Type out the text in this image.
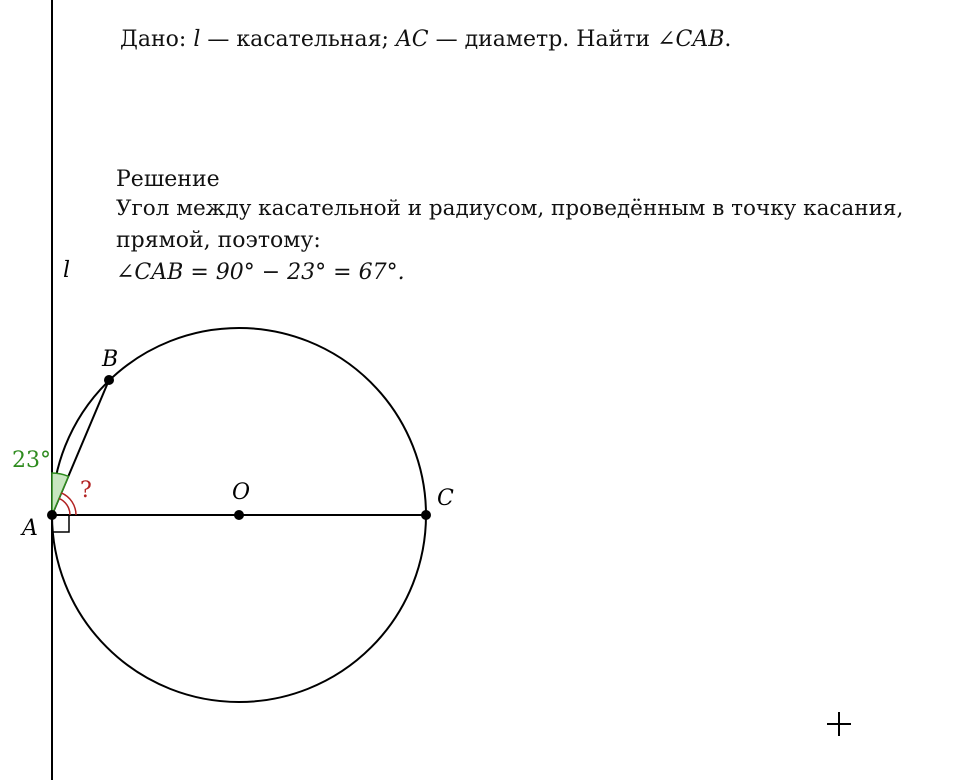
Дано: l — касательная; AC — диаметр. Найти ∠CAB.
Решение
Угол между касательной и радиусом, проведённым в точку касания,
прямой, поэтому:
∠CAB = 90° − 23° = 67°.
l
B
O	C
A
23°
?
